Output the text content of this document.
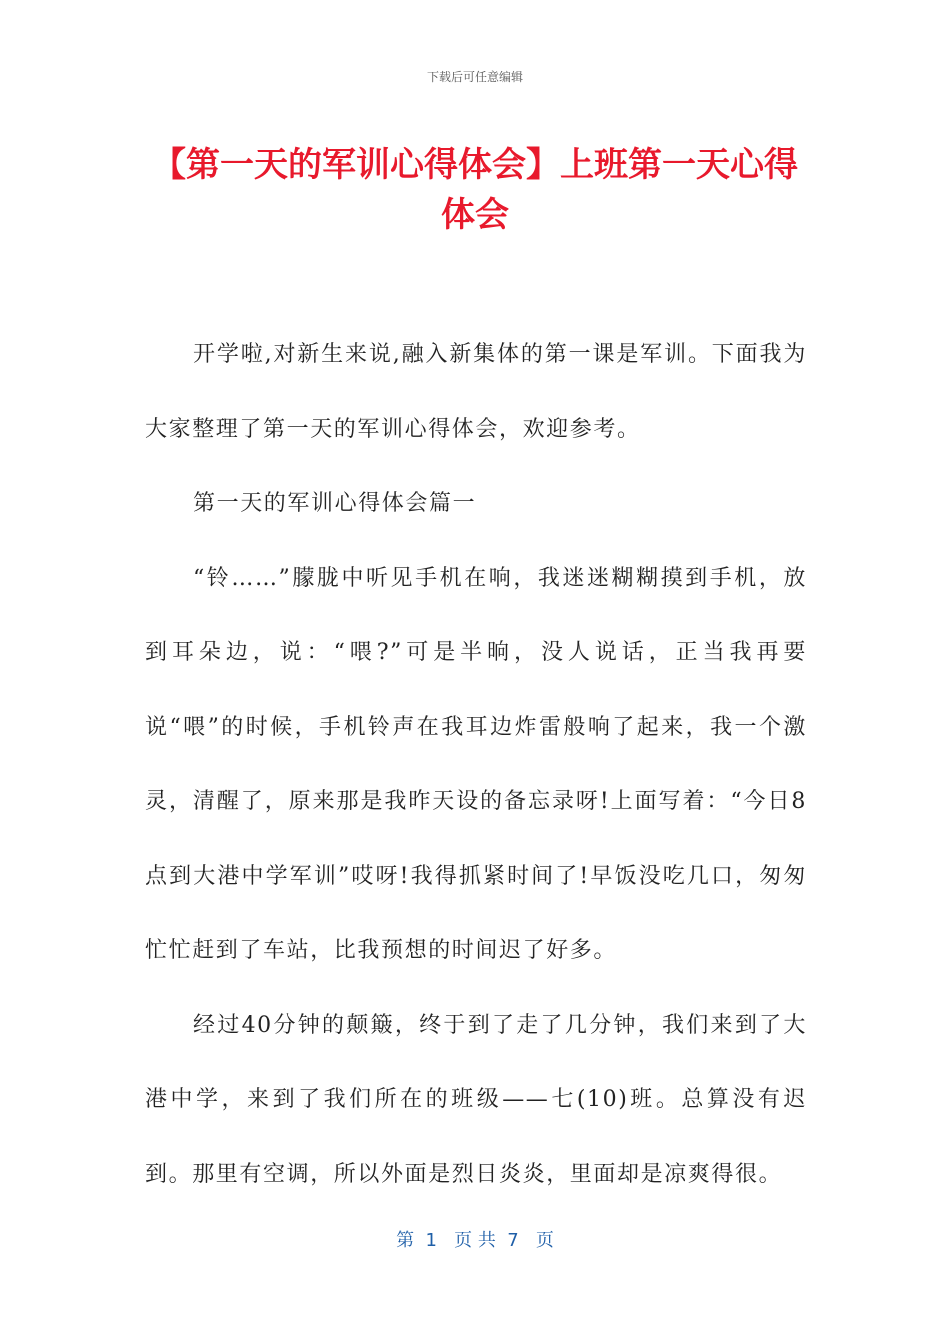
下载后可任意编辑
【第一天的军训心得体会】上班第一天心得体会

开学啦,对新生来说,融入新集体的第一课是军训。下面我为大家整理了第一天的军训心得体会，欢迎参考。

第一天的军训心得体会篇一

“铃……”朦胧中听见手机在响，我迷迷糊糊摸到手机，放到耳朵边，说：“喂?”可是半晌，没人说话，正当我再要说“喂”的时候，手机铃声在我耳边炸雷般响了起来，我一个激灵，清醒了，原来那是我昨天设的备忘录呀!上面写着：“今日8点到大港中学军训”哎呀!我得抓紧时间了!早饭没吃几口，匆匆忙忙赶到了车站，比我预想的时间迟了好多。

经过40分钟的颠簸，终于到了走了几分钟，我们来到了大港中学，来到了我们所在的班级——七(10)班。总算没有迟到。那里有空调，所以外面是烈日炎炎，里面却是凉爽得很。

第  1   页 共  7   页
